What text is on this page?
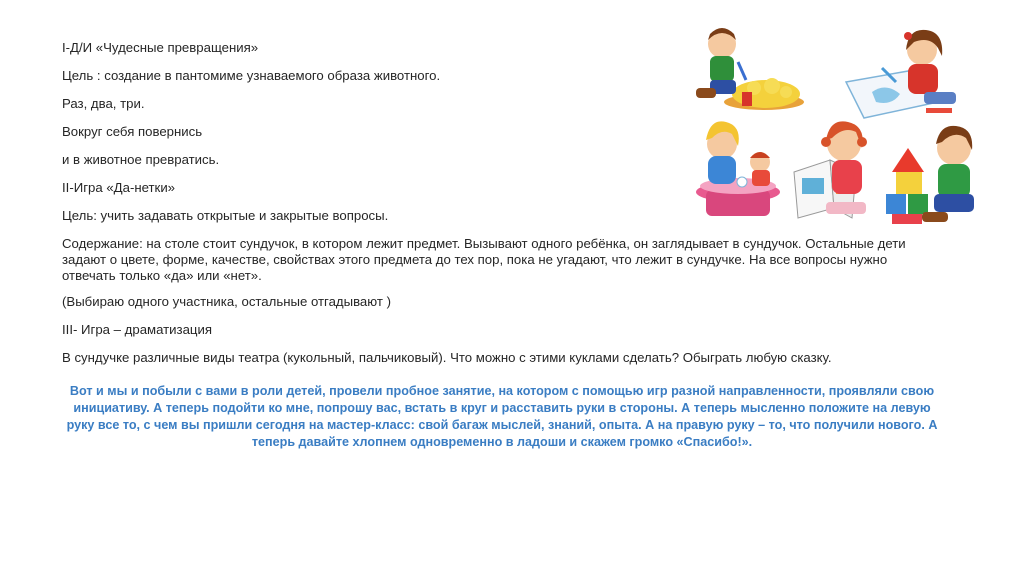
I-Д/И «Чудесные превращения»

Цель : создание в пантомиме узнаваемого образа животного.

Раз, два, три.

Вокруг себя повернись

и в животное превратись.

II-Игра «Да-нетки»

Цель: учить задавать открытые и закрытые вопросы.

Содержание: на столе стоит сундучок, в котором лежит предмет. Вызывают одного ребёнка, он заглядывает в сундучок. Остальные дети задают о цвете, форме, качестве, свойствах этого предмета до тех пор, пока не угадают, что лежит в сундучке. На все вопросы нужно отвечать только «да» или «нет».

(Выбираю одного участника, остальные отгадывают )

III- Игра – драматизация

В сундучке различные виды театра (кукольный, пальчиковый). Что можно с этими куклами сделать? Обыграть любую сказку.

Вот и мы и побыли с вами в роли детей, провели пробное занятие, на котором с помощью игр разной направленности, проявляли свою инициативу. А теперь подойти ко мне, попрошу вас, встать в круг и расставить руки в стороны. А теперь мысленно положите на левую руку все то, с чем вы пришли сегодня на мастер-класс: свой багаж мыслей, знаний, опыта. А на правую руку – то, что получили нового. А теперь давайте хлопнем одновременно в ладоши и скажем громко «Спасибо!».
